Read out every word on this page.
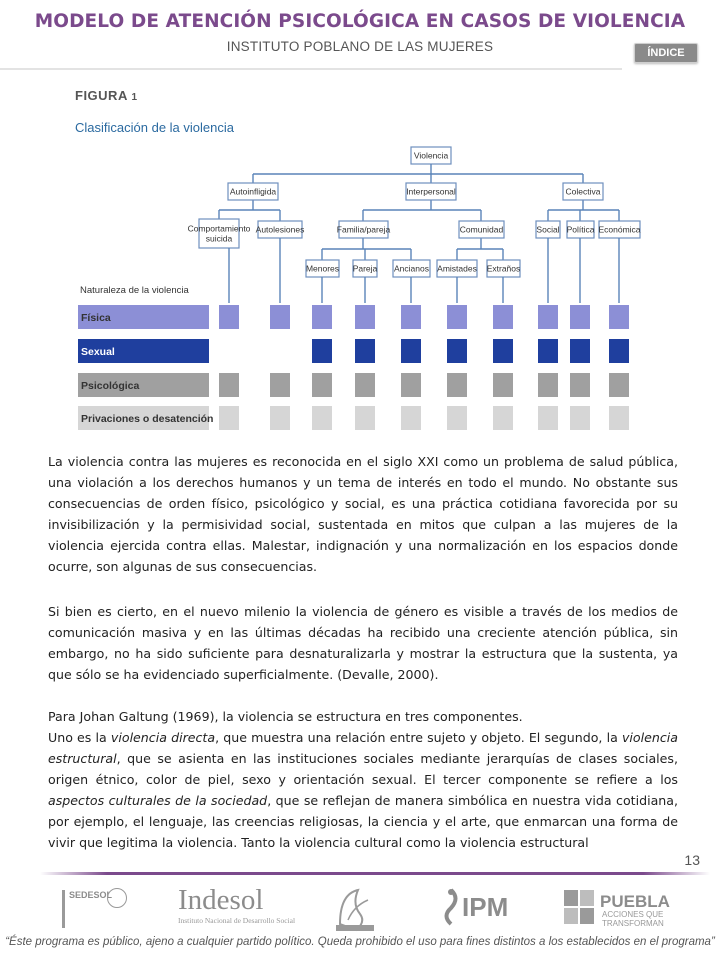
MODELO DE ATENCIÓN PSICOLÓGICA EN CASOS DE VIOLENCIA
INSTITUTO POBLANO DE LAS MUJERES	ÍNDICE
FIGURA 1
Clasificación de la violencia
Violencia
Autoinfligida	Interpersonal	Colectiva
Comportamiento
suicida
Autolesiones	Familia/pareja	Comunidad	Social Política Económica
Menores Pareja Ancianos Amistades Extraños
Naturaleza de la violencia
Física
Sexual
Psicológica
Privaciones o desatención

La violencia contra las mujeres es reconocida en el siglo XXI como un problema de salud pública, una violación a los derechos humanos y un tema de interés en todo el mundo. No obstante sus consecuencias de orden físico, psicológico y social, es una práctica cotidiana favorecida por su invisibilización y la permisividad social, sustentada en mitos que culpan a las mujeres de la violencia ejercida contra ellas. Malestar, indignación y una normalización en los espacios donde ocurre, son algunas de sus consecuencias.

Si bien es cierto, en el nuevo milenio la violencia de género es visible a través de los medios de comunicación masiva y en las últimas décadas ha recibido una creciente atención pública, sin embargo, no ha sido suficiente para desnaturalizarla y mostrar la estructura que la sustenta, ya que sólo se ha evidenciado superficialmente. (Devalle, 2000).

Para Johan Galtung (1969), la violencia se estructura en tres componentes.

Uno es la violencia directa, que muestra una relación entre sujeto y objeto. El segundo, la violencia estructural, que se asienta en las instituciones sociales mediante jerarquías de clases sociales, origen étnico, color de piel, sexo y orientación sexual. El tercer componente se refiere a los aspectos culturales de la sociedad, que se reflejan de manera simbólica en nuestra vida cotidiana, por ejemplo, el lenguaje, las creencias religiosas, la ciencia y el arte, que enmarcan una forma de vivir que legitima la violencia. Tanto la violencia cultural como la violencia estructural

13
SEDESOL	Indesol
Instituto Nacional de Desarrollo Social	IPM	PUEBLA
ACCIONES QUE
TRANSFORMAN
“Éste programa es público, ajeno a cualquier partido político. Queda prohibido el uso para fines distintos a los establecidos en el programa”
